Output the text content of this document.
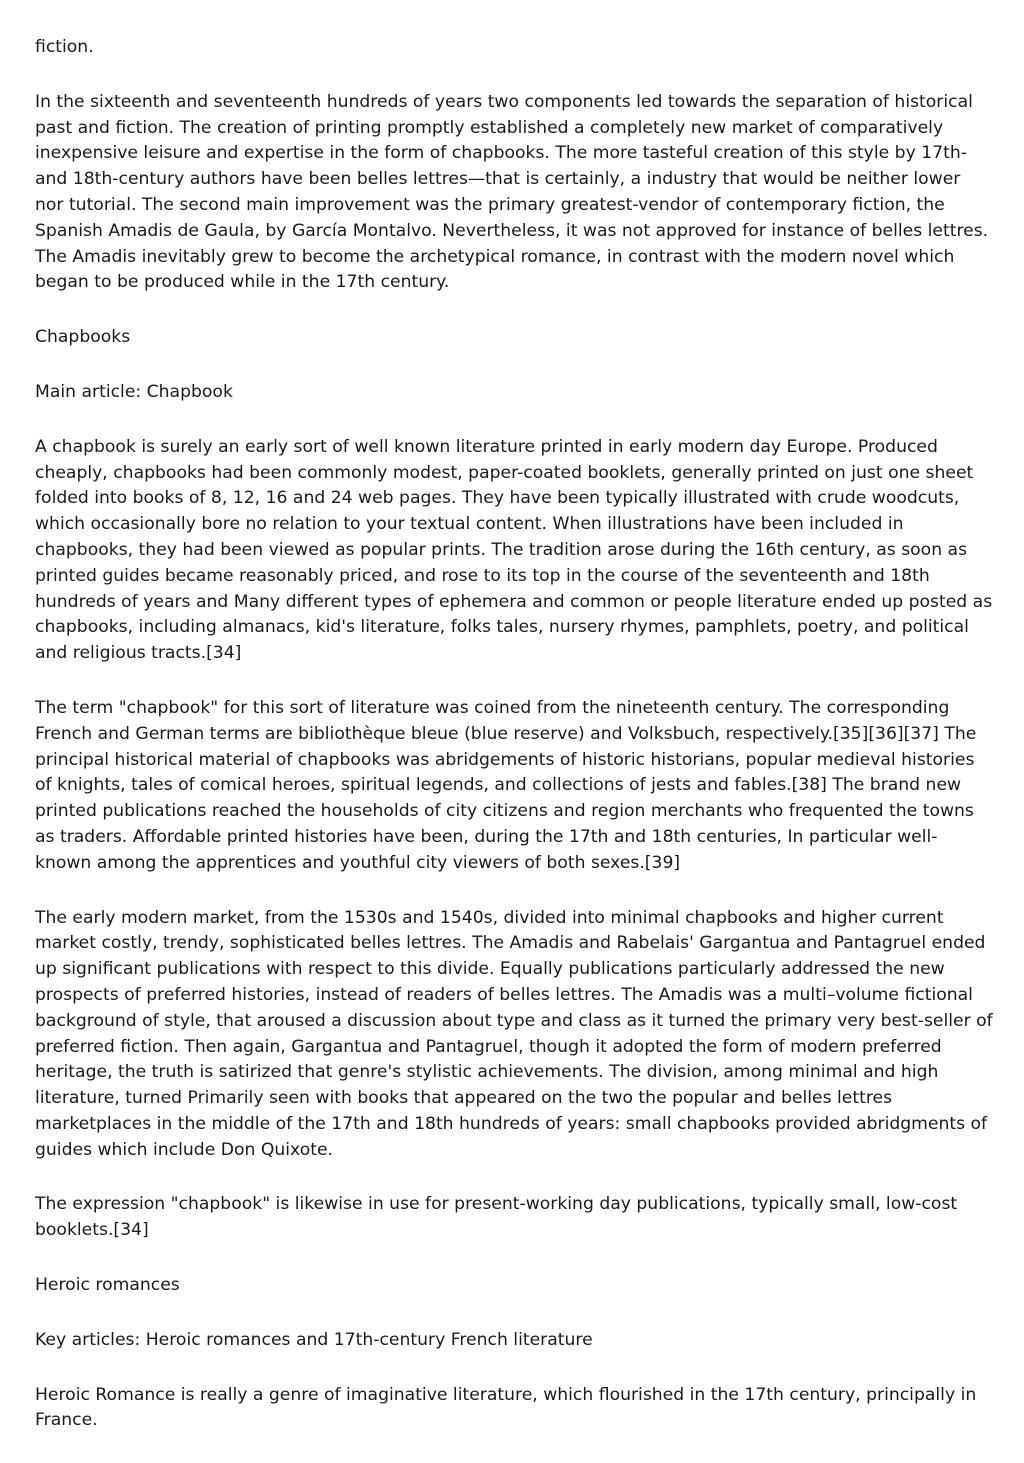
fiction.

In the sixteenth and seventeenth hundreds of years two components led towards the separation of historical past and fiction. The creation of printing promptly established a completely new market of comparatively inexpensive leisure and expertise in the form of chapbooks. The more tasteful creation of this style by 17th- and 18th-century authors have been belles lettres—that is certainly, a industry that would be neither lower nor tutorial. The second main improvement was the primary greatest-vendor of contemporary fiction, the Spanish Amadis de Gaula, by García Montalvo. Nevertheless, it was not approved for instance of belles lettres. The Amadis inevitably grew to become the archetypical romance, in contrast with the modern novel which began to be produced while in the 17th century.

Chapbooks

Main article: Chapbook

A chapbook is surely an early sort of well known literature printed in early modern day Europe. Produced cheaply, chapbooks had been commonly modest, paper-coated booklets, generally printed on just one sheet folded into books of 8, 12, 16 and 24 web pages. They have been typically illustrated with crude woodcuts, which occasionally bore no relation to your textual content. When illustrations have been included in chapbooks, they had been viewed as popular prints. The tradition arose during the 16th century, as soon as printed guides became reasonably priced, and rose to its top in the course of the seventeenth and 18th hundreds of years and Many different types of ephemera and common or people literature ended up posted as chapbooks, including almanacs, kid's literature, folks tales, nursery rhymes, pamphlets, poetry, and political and religious tracts.[34]

The term "chapbook" for this sort of literature was coined from the nineteenth century. The corresponding French and German terms are bibliothèque bleue (blue reserve) and Volksbuch, respectively.[35][36][37] The principal historical material of chapbooks was abridgements of historic historians, popular medieval histories of knights, tales of comical heroes, spiritual legends, and collections of jests and fables.[38] The brand new printed publications reached the households of city citizens and region merchants who frequented the towns as traders. Affordable printed histories have been, during the 17th and 18th centuries, In particular well-known among the apprentices and youthful city viewers of both sexes.[39]

The early modern market, from the 1530s and 1540s, divided into minimal chapbooks and higher current market costly, trendy, sophisticated belles lettres. The Amadis and Rabelais' Gargantua and Pantagruel ended up significant publications with respect to this divide. Equally publications particularly addressed the new prospects of preferred histories, instead of readers of belles lettres. The Amadis was a multi–volume fictional background of style, that aroused a discussion about type and class as it turned the primary very best-seller of preferred fiction. Then again, Gargantua and Pantagruel, though it adopted the form of modern preferred heritage, the truth is satirized that genre's stylistic achievements. The division, among minimal and high literature, turned Primarily seen with books that appeared on the two the popular and belles lettres marketplaces in the middle of the 17th and 18th hundreds of years: small chapbooks provided abridgments of guides which include Don Quixote.

The expression "chapbook" is likewise in use for present-working day publications, typically small, low-cost booklets.[34]

Heroic romances

Key articles: Heroic romances and 17th-century French literature

Heroic Romance is really a genre of imaginative literature, which flourished in the 17th century, principally in France.
